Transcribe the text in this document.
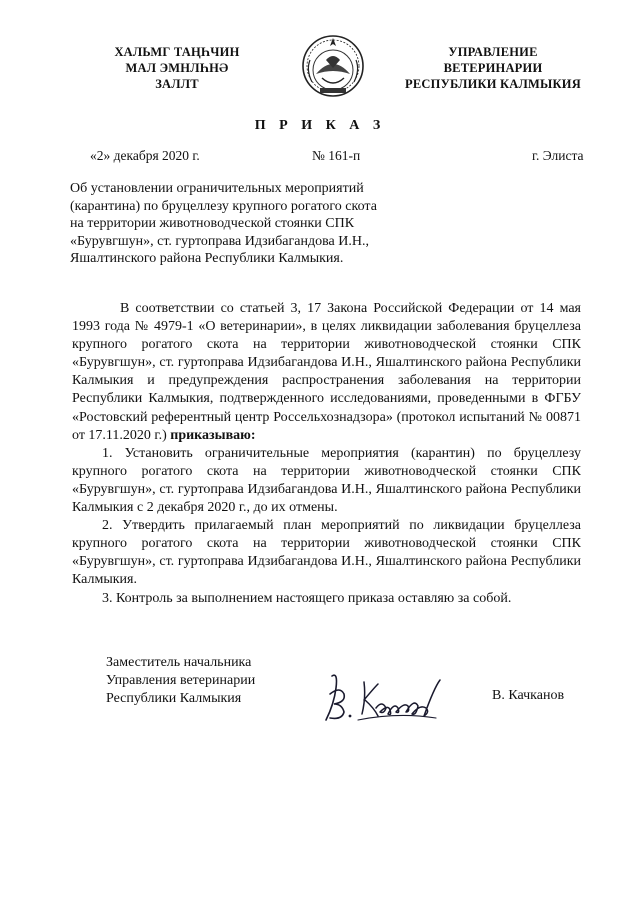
ХАЛЬМГ ТАҢҺЧИН
МАЛ ЭМНЛҺНӘ
ЗАЛЛТ
УПРАВЛЕНИЕ
ВЕТЕРИНАРИИ
РЕСПУБЛИКИ КАЛМЫКИЯ
П Р И К А З
«2» декабря 2020 г.	№ 161-п	г. Элиста
Об установлении ограничительных мероприятий
(карантина) по бруцеллезу крупного рогатого скота
на территории животноводческой стоянки СПК
«Бурувгшун», ст. гуртоправа Идзибагандова И.Н.,
Яшалтинского района Республики Калмыкия.

В соответствии со статьей 3, 17 Закона Российской Федерации от 14 мая 1993 года № 4979-1 «О ветеринарии», в целях ликвидации заболевания бруцеллеза крупного рогатого скота на территории животноводческой стоянки СПК «Бурувгшун», ст. гуртоправа Идзибагандова И.Н., Яшалтинского района Республики Калмыкия и предупреждения распространения заболевания на территории Республики Калмыкия, подтвержденного исследованиями, проведенными в ФГБУ «Ростовский референтный центр Россельхознадзора» (протокол испытаний № 00871 от 17.11.2020 г.) приказываю:

1. Установить ограничительные мероприятия (карантин) по бруцеллезу крупного рогатого скота на территории животноводческой стоянки СПК «Бурувгшун», ст. гуртоправа Идзибагандова И.Н., Яшалтинского района Республики Калмыкия с 2 декабря 2020 г., до их отмены.

2. Утвердить прилагаемый план мероприятий по ликвидации бруцеллеза крупного рогатого скота на территории животноводческой стоянки СПК «Бурувгшун», ст. гуртоправа Идзибагандова И.Н., Яшалтинского района Республики Калмыкия.

3. Контроль за выполнением настоящего приказа оставляю за собой.

Заместитель начальника
Управления ветеринарии
Республики Калмыкия	В. Качканов
